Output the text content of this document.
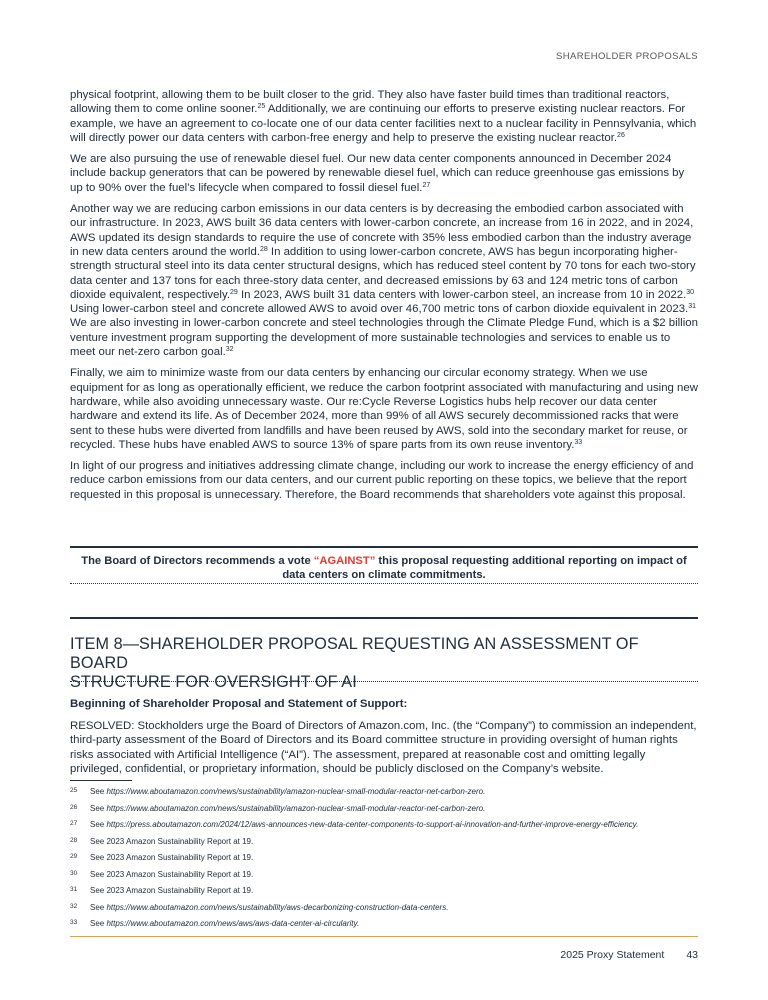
SHAREHOLDER PROPOSALS

physical footprint, allowing them to be built closer to the grid. They also have faster build times than traditional reactors, allowing them to come online sooner.$^{25}$ Additionally, we are continuing our efforts to preserve existing nuclear reactors. For example, we have an agreement to co-locate one of our data center facilities next to a nuclear facility in Pennsylvania, which will directly power our data centers with carbon-free energy and help to preserve the existing nuclear reactor.$^{26}$

We are also pursuing the use of renewable diesel fuel. Our new data center components announced in December 2024 include backup generators that can be powered by renewable diesel fuel, which can reduce greenhouse gas emissions by up to 90% over the fuel’s lifecycle when compared to fossil diesel fuel.$^{27}$

Another way we are reducing carbon emissions in our data centers is by decreasing the embodied carbon associated with our infrastructure. In 2023, AWS built 36 data centers with lower-carbon concrete, an increase from 16 in 2022, and in 2024, AWS updated its design standards to require the use of concrete with 35% less embodied carbon than the industry average in new data centers around the world.$^{28}$ In addition to using lower-carbon concrete, AWS has begun incorporating higher-strength structural steel into its data center structural designs, which has reduced steel content by 70 tons for each two-story data center and 137 tons for each three-story data center, and decreased emissions by 63 and 124 metric tons of carbon dioxide equivalent, respectively.$^{29}$ In 2023, AWS built 31 data centers with lower-carbon steel, an increase from 10 in 2022.30 Using lower-carbon steel and concrete allowed AWS to avoid over 46,700 metric tons of carbon dioxide equivalent in 2023.31 We are also investing in lower-carbon concrete and steel technologies through the Climate Pledge Fund, which is a $2 billion venture investment program supporting the development of more sustainable technologies and services to enable us to meet our net-zero carbon goal.$^{32}$

Finally, we aim to minimize waste from our data centers by enhancing our circular economy strategy. When we use equipment for as long as operationally efficient, we reduce the carbon footprint associated with manufacturing and using new hardware, while also avoiding unnecessary waste. Our re:Cycle Reverse Logistics hubs help recover our data center hardware and extend its life. As of December 2024, more than 99% of all AWS securely decommissioned racks that were sent to these hubs were diverted from landfills and have been reused by AWS, sold into the secondary market for reuse, or recycled. These hubs have enabled AWS to source 13% of spare parts from its own reuse inventory.$^{33}$

In light of our progress and initiatives addressing climate change, including our work to increase the energy efficiency of and reduce carbon emissions from our data centers, and our current public reporting on these topics, we believe that the report requested in this proposal is unnecessary. Therefore, the Board recommends that shareholders vote against this proposal.

The Board of Directors recommends a vote “AGAINST” this proposal requesting additional reporting on impact of data centers on climate commitments.
ITEM 8—SHAREHOLDER PROPOSAL REQUESTING AN ASSESSMENT OF BOARD
STRUCTURE FOR OVERSIGHT OF AI
Beginning of Shareholder Proposal and Statement of Support:

RESOLVED: Stockholders urge the Board of Directors of Amazon.com, Inc. (the “Company”) to commission an independent, third-party assessment of the Board of Directors and its Board committee structure in providing oversight of human rights risks associated with Artificial Intelligence (“AI”). The assessment, prepared at reasonable cost and omitting legally privileged, confidential, or proprietary information, should be publicly disclosed on the Company’s website.

25 See https://www.aboutamazon.com/news/sustainability/amazon-nuclear-small-modular-reactor-net-carbon-zero.
26 See https://www.aboutamazon.com/news/sustainability/amazon-nuclear-small-modular-reactor-net-carbon-zero.
27 See https://press.aboutamazon.com/2024/12/aws-announces-new-data-center-components-to-support-ai-innovation-and-further-improve-energy-efficiency.
28 See 2023 Amazon Sustainability Report at 19.
29 See 2023 Amazon Sustainability Report at 19.
30 See 2023 Amazon Sustainability Report at 19.
31 See 2023 Amazon Sustainability Report at 19.
32 See https://www.aboutamazon.com/news/sustainability/aws-decarbonizing-construction-data-centers.
33 See https://www.aboutamazon.com/news/aws/aws-data-center-ai-circularity.
2025 Proxy Statement 43
